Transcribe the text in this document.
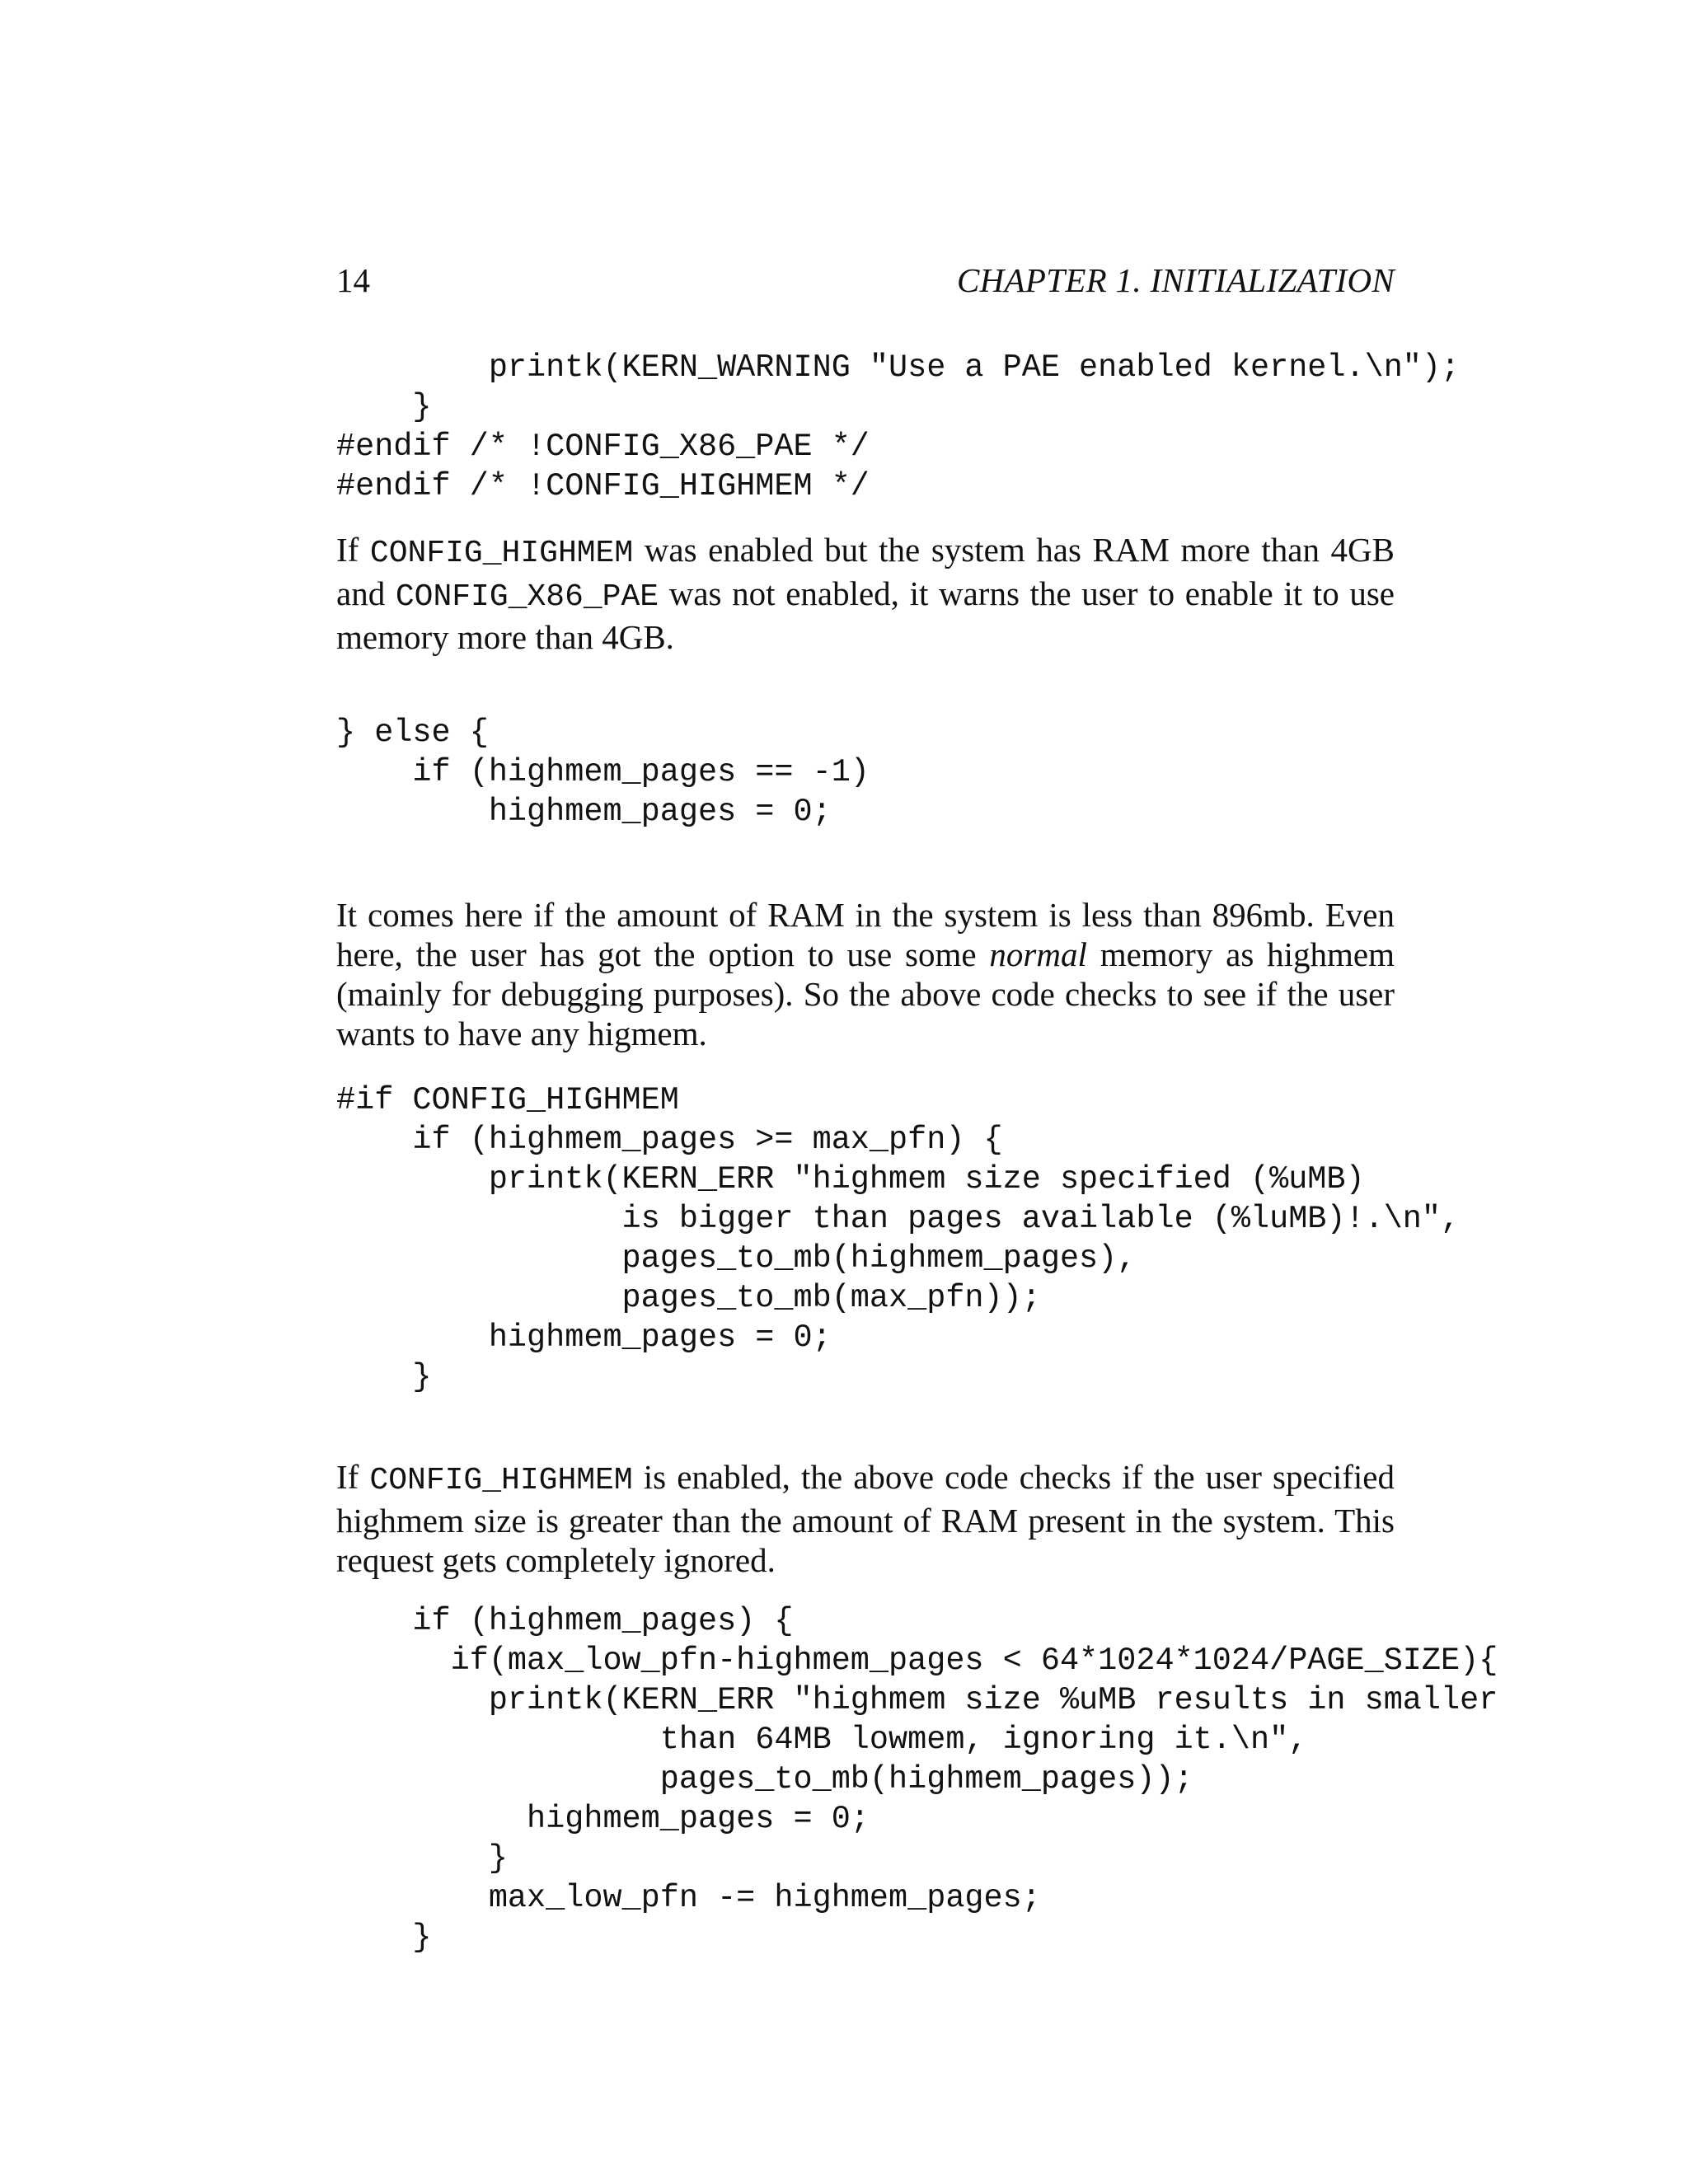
14	CHAPTER 1. INITIALIZATION
printk(KERN_WARNING "Use a PAE enabled kernel.\n");
}
#endif /* !CONFIG_X86_PAE */
#endif /* !CONFIG_HIGHMEM */

If CONFIG_HIGHMEM was enabled but the system has RAM more than 4GB and CONFIG_X86_PAE was not enabled, it warns the user to enable it to use memory more than 4GB.

} else {
if (highmem_pages == -1)
highmem_pages = 0;

It comes here if the amount of RAM in the system is less than 896mb. Even here, the user has got the option to use some normal memory as highmem (mainly for debugging purposes). So the above code checks to see if the user wants to have any higmem.

#if CONFIG_HIGHMEM
if (highmem_pages >= max_pfn) {
printk(KERN_ERR "highmem size specified (%uMB)
is bigger than pages available (%luMB)!.\n",
pages_to_mb(highmem_pages),
pages_to_mb(max_pfn));
highmem_pages = 0;
}

If CONFIG_HIGHMEM is enabled, the above code checks if the user specified highmem size is greater than the amount of RAM present in the system. This request gets completely ignored.

if (highmem_pages) {
if(max_low_pfn-highmem_pages < 64*1024*1024/PAGE_SIZE){
printk(KERN_ERR "highmem size %uMB results in smaller
than 64MB lowmem, ignoring it.\n",
pages_to_mb(highmem_pages));
highmem_pages = 0;
}
max_low_pfn -= highmem_pages;
}
